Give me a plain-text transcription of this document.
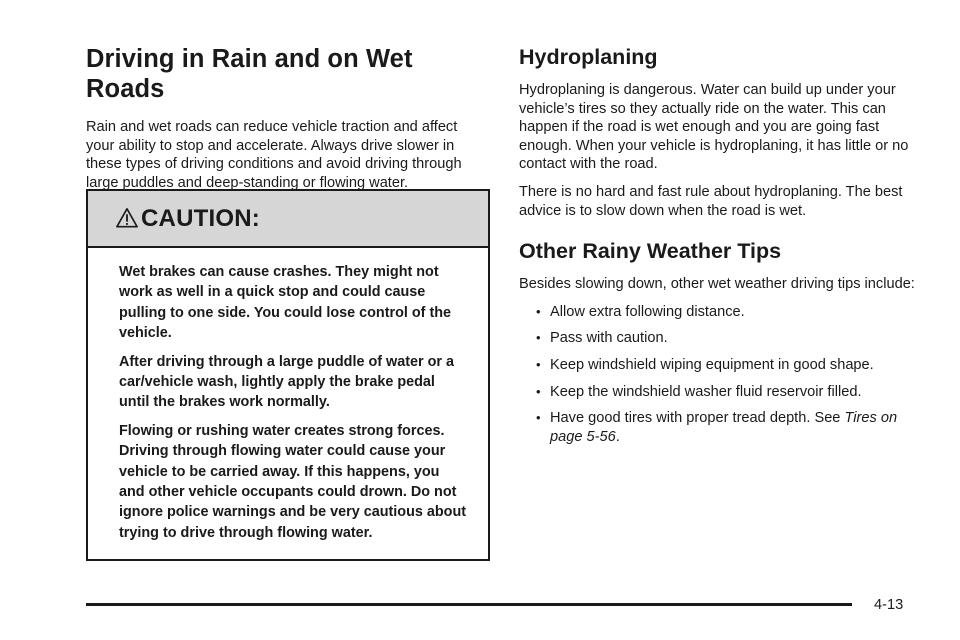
Driving in Rain and on Wet Roads

Rain and wet roads can reduce vehicle traction and affect your ability to stop and accelerate. Always drive slower in these types of driving conditions and avoid driving through large puddles and deep-standing or flowing water.

CAUTION:

Wet brakes can cause crashes. They might not work as well in a quick stop and could cause pulling to one side. You could lose control of the vehicle.

After driving through a large puddle of water or a car/vehicle wash, lightly apply the brake pedal until the brakes work normally.

Flowing or rushing water creates strong forces. Driving through flowing water could cause your vehicle to be carried away. If this happens, you and other vehicle occupants could drown. Do not ignore police warnings and be very cautious about trying to drive through flowing water.

Hydroplaning

Hydroplaning is dangerous. Water can build up under your vehicle’s tires so they actually ride on the water. This can happen if the road is wet enough and you are going fast enough. When your vehicle is hydroplaning, it has little or no contact with the road.

There is no hard and fast rule about hydroplaning. The best advice is to slow down when the road is wet.

Other Rainy Weather Tips

Besides slowing down, other wet weather driving tips include:

• Allow extra following distance.
• Pass with caution.
• Keep windshield wiping equipment in good shape.
• Keep the windshield washer fluid reservoir filled.
• Have good tires with proper tread depth. See Tires on page 5-56.
4-13
